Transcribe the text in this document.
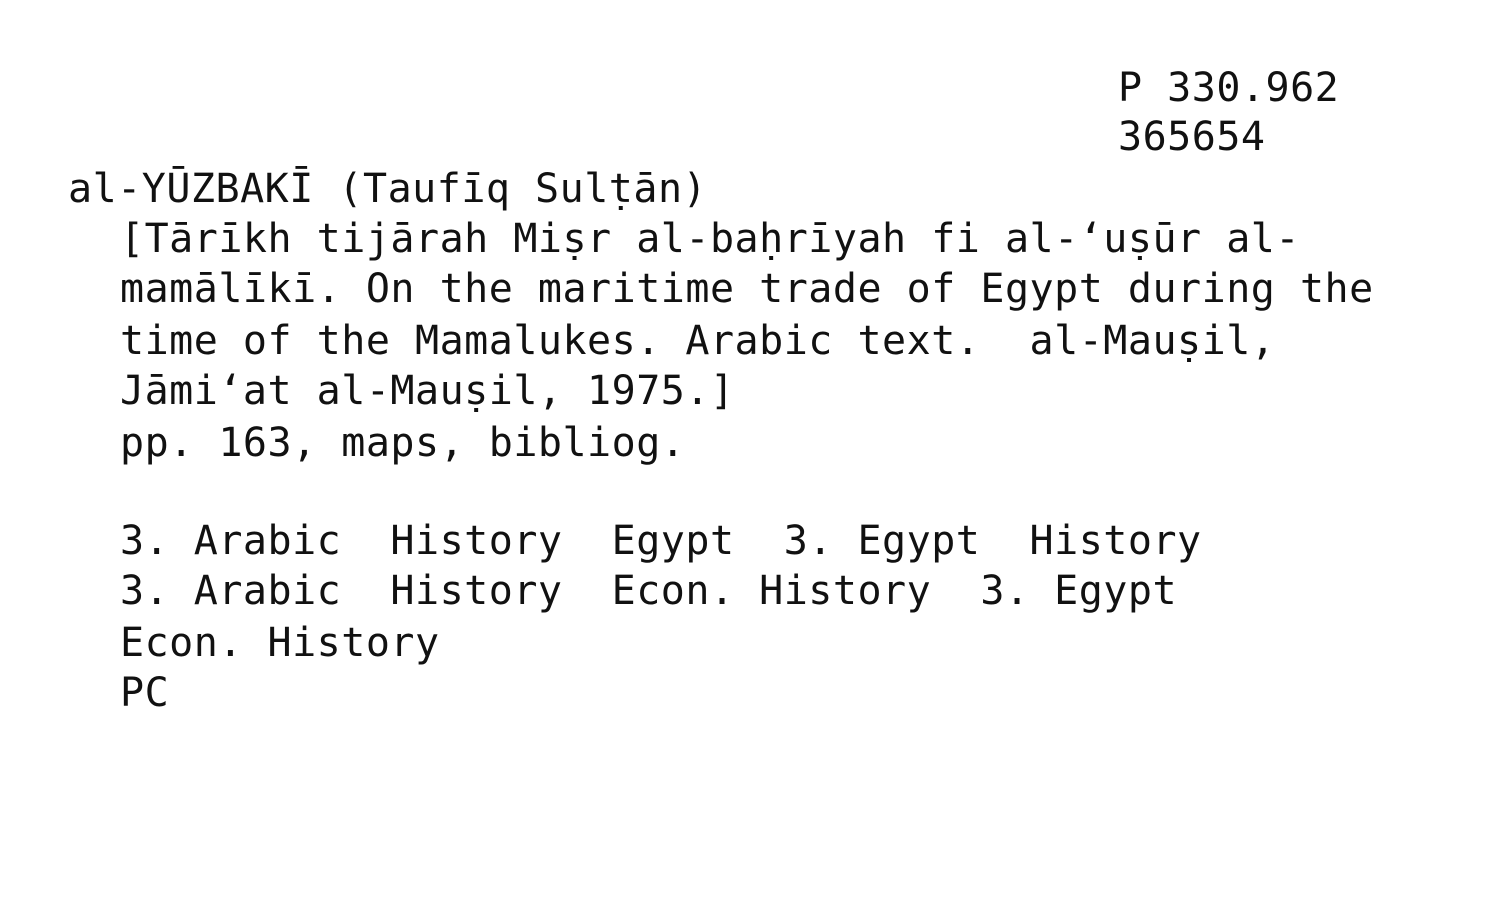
P 330.962
365654
al-YŪZBAKĪ (Taufīq Sulṭān)
[Tārīkh tijārah Miṣr al-baḥrīyah fi al-‘uṣūr al-
mamālīkī. On the maritime trade of Egypt during the
time of the Mamalukes. Arabic text.  al-Mauṣil,
Jāmi‘at al-Mauṣil, 1975.]
pp. 163, maps, bibliog.
3. Arabic  History  Egypt  3. Egypt  History
3. Arabic  History  Econ. History  3. Egypt
Econ. History
PC
